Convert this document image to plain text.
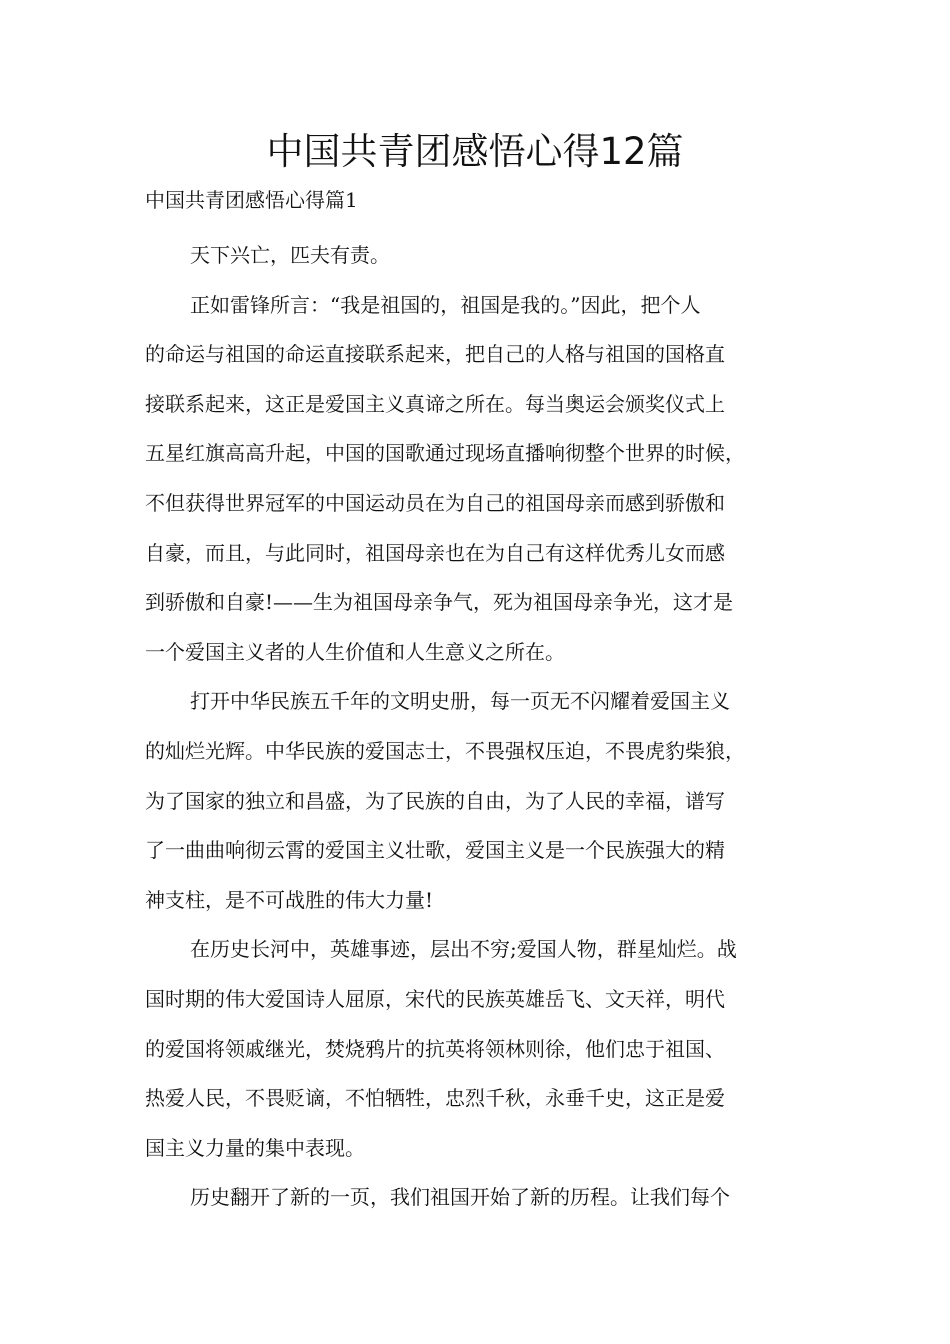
中国共青团感悟心得12篇
中国共青团感悟心得篇1

天下兴亡，匹夫有责。

正如雷锋所言：“我是祖国的，祖国是我的。”因此，把个人
的命运与祖国的命运直接联系起来，把自己的人格与祖国的国格直
接联系起来，这正是爱国主义真谛之所在。每当奥运会颁奖仪式上
五星红旗高高升起，中国的国歌通过现场直播响彻整个世界的时候，
不但获得世界冠军的中国运动员在为自己的祖国母亲而感到骄傲和
自豪，而且，与此同时，祖国母亲也在为自己有这样优秀儿女而感
到骄傲和自豪!——生为祖国母亲争气，死为祖国母亲争光，这才是
一个爱国主义者的人生价值和人生意义之所在。

打开中华民族五千年的文明史册，每一页无不闪耀着爱国主义
的灿烂光辉。中华民族的爱国志士，不畏强权压迫，不畏虎豹柴狼，
为了国家的独立和昌盛，为了民族的自由，为了人民的幸福，谱写
了一曲曲响彻云霄的爱国主义壮歌，爱国主义是一个民族强大的精
神支柱，是不可战胜的伟大力量!

在历史长河中，英雄事迹，层出不穷;爱国人物，群星灿烂。战
国时期的伟大爱国诗人屈原，宋代的民族英雄岳飞、文天祥，明代
的爱国将领戚继光，焚烧鸦片的抗英将领林则徐，他们忠于祖国、
热爱人民，不畏贬谪，不怕牺牲，忠烈千秋，永垂千史，这正是爱
国主义力量的集中表现。

历史翻开了新的一页，我们祖国开始了新的历程。让我们每个
